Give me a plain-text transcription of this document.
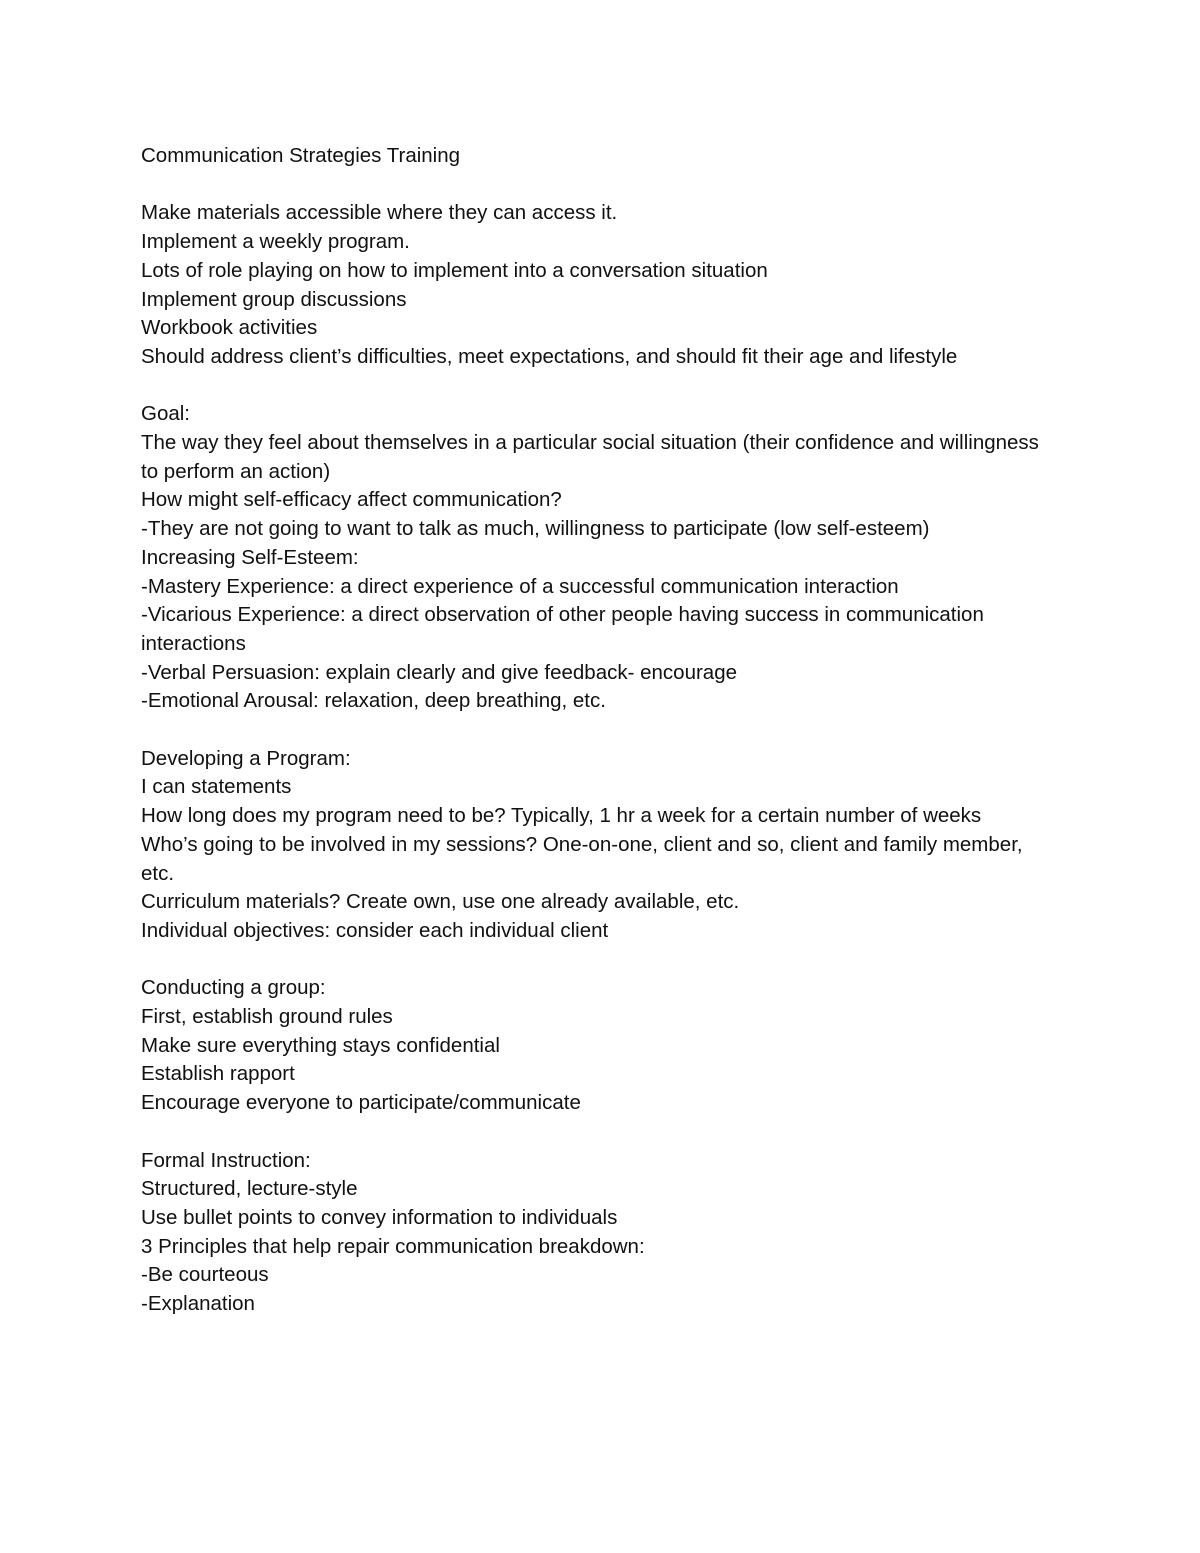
Communication Strategies Training
Make materials accessible where they can access it.
Implement a weekly program.
Lots of role playing on how to implement into a conversation situation
Implement group discussions
Workbook activities
Should address client’s difficulties, meet expectations, and should fit their age and lifestyle
Goal:
The way they feel about themselves in a particular social situation (their confidence and willingness to perform an action)
How might self-efficacy affect communication?
-They are not going to want to talk as much, willingness to participate (low self-esteem)
Increasing Self-Esteem:
-Mastery Experience: a direct experience of a successful communication interaction
-Vicarious Experience: a direct observation of other people having success in communication interactions
-Verbal Persuasion: explain clearly and give feedback- encourage
-Emotional Arousal: relaxation, deep breathing, etc.
Developing a Program:
I can statements
How long does my program need to be? Typically, 1 hr a week for a certain number of weeks
Who’s going to be involved in my sessions? One-on-one, client and so, client and family member, etc.
Curriculum materials? Create own, use one already available, etc.
Individual objectives: consider each individual client
Conducting a group:
First, establish ground rules
Make sure everything stays confidential
Establish rapport
Encourage everyone to participate/communicate
Formal Instruction:
Structured, lecture-style
Use bullet points to convey information to individuals
3 Principles that help repair communication breakdown:
-Be courteous
-Explanation
